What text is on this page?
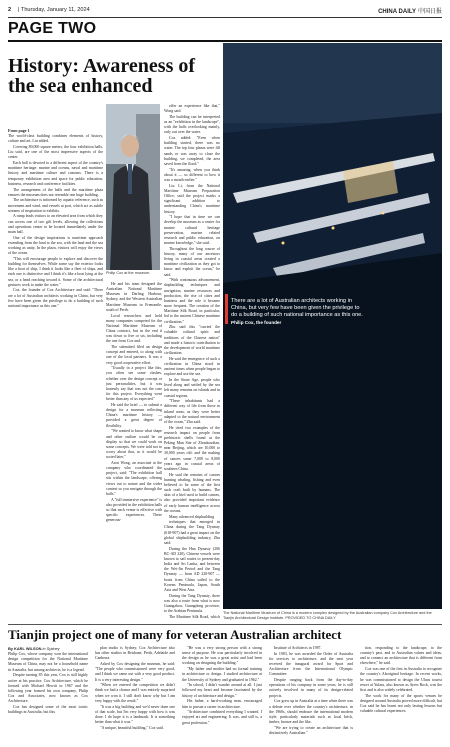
2 | Thursday, January 11, 2024	CHINA DAILY 中国日报
PAGE TWO
History: Awareness of the sea enhanced
From page 1

The world-class building combines elements of history, culture and art, Liu added.

Covering 80,000 square meters, the four exhibition halls, Liu said, are one of the most impressive aspects of the center.

Each hall is devoted to a different aspect of the country's maritime heritage: marine and oceans, naval and maritime history and maritime culture and customs. There is a temporary exhibition area and space for public education, business, research and conference facilities.

The arrangement of the halls and the maritime plaza ensures the museum does not resemble one huge building.

The architecture is informed by aquatic reference, such as movement and wind, and vessels at port, which act as subtle streams of inspiration to exhibits.

A ramp leads visitors to an elevated area from which they can access one of two gift levels, allowing the collections and operations center to be located immediately under the main hall.

One of the design inspirations is maritime approach extending from the land to the sea, with the land and the sea working as unity. In the plaza, visitors will enjoy the views of the ocean.

"This will encourage people to explore and discover the building for themselves. While some say the exterior looks like a boat of ship, I think it looks like a fleet of ships, and each one is distinctive and I think it's like a boat lying at the sea, or a head reaching toward it. Some of the architectural gestures work to make the water."

Cox, the founder of Cox Architecture and said: "There are a lot of Australian architects working in China, but very few have been given the privilege to do a building of such national importance as this one."

Philip Cox at the museum.

He and his team designed the Australian National Maritime Museum in Darling Harbour, Sydney, and the Western Australian Maritime Museum in Fremantle, south of Perth.

Local researchers and hold many companies competed for the National Maritime Museum of China contract, but in the end it was down to five or six, including the one from Cox and.

The submitted filed an design concept and entered, to along with one of the local partners. It was a very good cooperative effort.

"Usually in a project like this, you often see some clashes, whether over the design concept or just personalities, but it was honestly say that was not the case for this project. Everything went better than any of us expected."

He said the brief — to submit a design for a museum reflecting China's maritime history — provided a great degree of flexibility.

"We wanted to know what shape and other outline would be on display so that we could work on some concepts. We were told not to worry about that, so it would be sorted later."

Aron Wong, an associate at the company who coordinated the project, said: "The exhibition hall sits within the landscape, offering views out to nature and the wider context so you navigate through the halls."

A "full immersive experience" is also provided in the exhibition halls so that each venue is effective with specific experiences. These generous-

offer an experience like that," Wong said.

The building can be interpreted as an "exhibition in the landscape", with the halls overlooking mainly, only out over the water.

Cox added: "Even when building started, there was no water. The top four plazas were fill sands or was away to close the building, we completed, the area saved from the flood."

"It's amazing, when you think about it — so different to how it was a month earlier."

Liu Li, from the National Maritime Museum Preparation Office, said the project marks a significant addition to understanding China's maritime history.

"I hope that in time we can develop the museum as a center for marine cultural heritage preservation, marine related research and public education, on marine knowledge," she said.

Throughout the long course of history, many of our ancestors living in coastal areas created a maritime civilization as they got to know and exploit the ocean," he said.

"With continuous advancement, shipbuilding techniques and navigation, marine resources and production, the rise of cities and business and the role it became more frequent. The creation of the Maritime Silk Road, in particular, led to the ancient Chinese maritime civilization."

Zhu said this "carried the valuable cultural spirit and traditions of the Chinese nation" and made a historic contribution to the development of world maritime civilization.

He said the emergence of such a civilization in China stood in ancient times when people began to explore and use the sea.

In the Stone Age, people who lived along and settled by the sea left many remains on islands and in coastal regions.

"These inhabitants had a different way of life from those in inland areas, as they were better adapted to the natural environment of the ocean," Zhu said.

He cited two examples of the research impact on people from prehistoric shells found at the Peking Man Site of Zhoukoudian, near Beijing, which are 10,000 to 30,000 years old; and the making of canoes some 7,000 to 8,000 years ago in coastal areas of southern China.

He said the remains of canoes hunting whaling, fishing and even believed to be some of the first such craft built by humans. The skin of a bird used to build canoes, also provided important evidence of early human intelligence across the oceans.

Many advanced shipbuilding

techniques that emerged in China during the Tang Dynasty (618-907) had a great impact on the global shipbuilding industry, Zhu said.

During the Han Dynasty (206 BC-AD 220), Chinese vessels were known to sail routes to present-day India and Sri Lanka, and between the Wei-Jin Period and the Tang Dynasty — from AD 220-907 — boats from China sailed to the Korean Peninsula, Japan, South Asia and West Asia.

During the Tang Dynasty, there was also a route from what is now Guangzhou, Guangdong province, to the Arabian Peninsula.

The Maritime Silk Road, which

There are a lot of Australian architects working in China, but very few have been given the privilege to do a building of such national importance as this one.
Philip Cox, the founder
The National Maritime Museum of China is a modern complex designed by the Australian company Cox Architecture and the Tianjin Architectural Design Institute. PROVIDED TO CHINA DAILY
Tianjin project one of many for veteran Australian architect
By KARL WILSON in Sydney

Philip Cox, whose company won the international design competition for the National Maritime Museum of China, may not be a household name in Australia, but among architects, he is a legend.

Despite turning 85 this year, Cox is still highly active at his practice, Cox Architecture, which he formed with Michael Hewitt in 1967 and the following year formed his own company, Philip Cox and Associates, now known as Cox Architecture.

Cox has designed some of the most iconic buildings in Australia, but this

plan studio is Sydney, Cox Architecture also has other studios in Brisbane, Perth, Adelaide and Canberra.

Asked by Cox designing the museum, he said: "The people who commissioned were very good, and I think we came out with a very good product. It is a very interesting design."

"When we entered the competition we didn't think we had a chance and I was entirely surprised when we won it. I still don't know why but I am very happy with the result."

"It was a big building and we'd never done one of that scale, but I'm very happy with how it was done. I do hope it is a landmark. It is something better than what it was."

"A unique, beautiful building," Cox said.

"He was a very strong person with a strong sense of purpose. He was particularly involved in the design as he was a great artist and had been working on designing the building."

"My father and mother had no formal training in architecture or design. I studied architecture at the University of Sydney and graduated in 1962."

"In school, I didn't wander around at all. I just followed my heart and became fascinated by the history of architecture and design."

His father, a hard-working man, encouraged him to pursue a career in architecture.

"Architecture combined everything I wanted. I enjoyed art and engineering. It was, and still is, a great profession."

Institute of Architects in 1987.

In 1983, he was awarded the Order of Australia for services to architecture, and the next year received the inaugural award for Sport and Architecture from the International Olympic Committee.

Despite ranging back from the day-to-day operations of his company in some years, he is still actively involved in many of its design-related projects.

Cox grew up in Australia at a time when there was a debate over whether the country's architecture, in the 1960s, should embrace the international modern style, particularly materials such as local brick, timber, bronze and the like.

"We are trying to create an architecture that is distinctively Australian."

tion, responding to the landscape, to the country's past, and to Australian values and ideas, and to connect an architecture that is different from elsewhere," he said.

Cox was one of the first in Australia to recognize the country's Aboriginal heritage. In recent works, he was commissioned to design the Uluru tourist resort at Yulara, also known as Ayers Rock, was the first and is also widely celebrated.

The work for many of the sports venues he designed around Australia proved more difficult, but Cox said he has learnt not only lasting lessons but valuable cultural experiences.
